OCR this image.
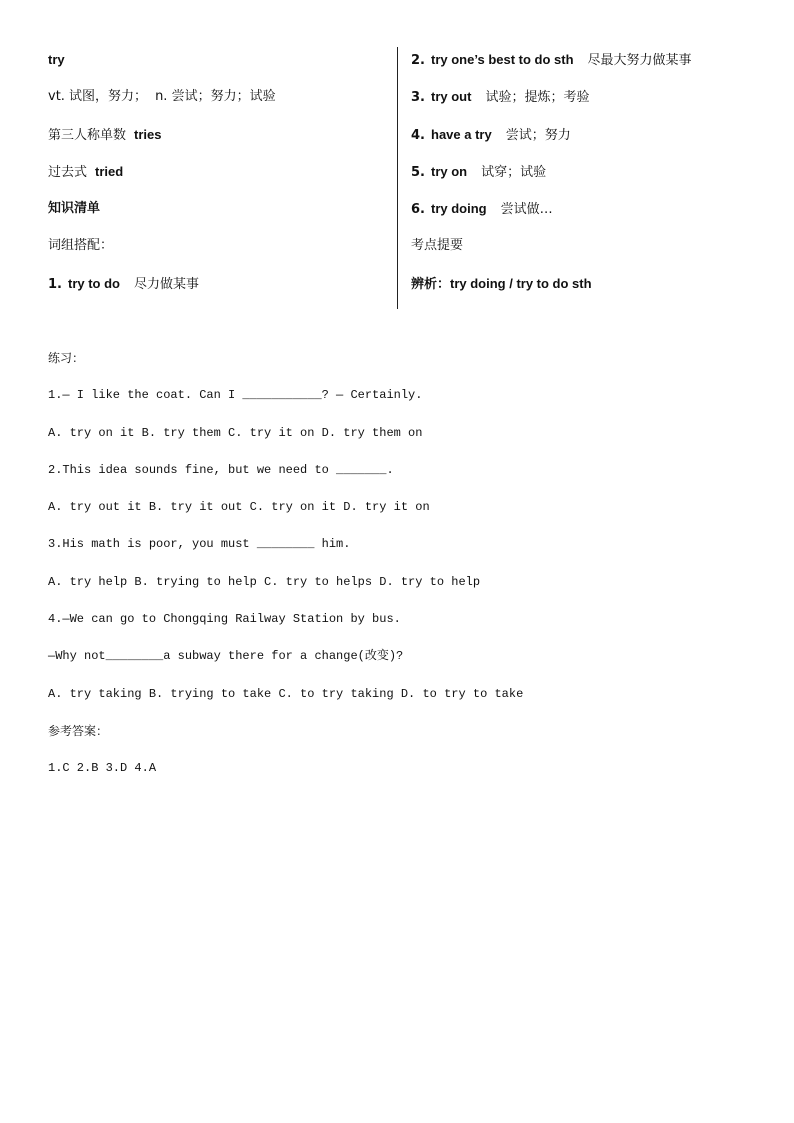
try
vt. 试图，努力； n. 尝试；努力；试验
第三人称单数 tries
过去式 tried
知识清单
词组搭配：
1. try to do 尽力做某事
2. try one’s best to do sth 尽最大努力做某事
3. try out 试验；提炼；考验
4. have a try 尝试；努力
5. try on 试穿；试验
6. try doing 尝试做…
考点提要
辨析：try doing / try to do sth
练习：
1.— I like the coat. Can I ___________? — Certainly.
A. try on it B. try them C. try it on D. try them on
2.This idea sounds fine, but we need to _______.
A. try out it B. try it out C. try on it D. try it on
3.His math is poor, you must ________ him.
A. try help B. trying to help C. try to helps D. try to help
4.—We can go to Chongqing Railway Station by bus.
—Why not________a subway there for a change(改变)?
A. try taking B. trying to take C. to try taking D. to try to take
参考答案：
1.C 2.B 3.D 4.A
